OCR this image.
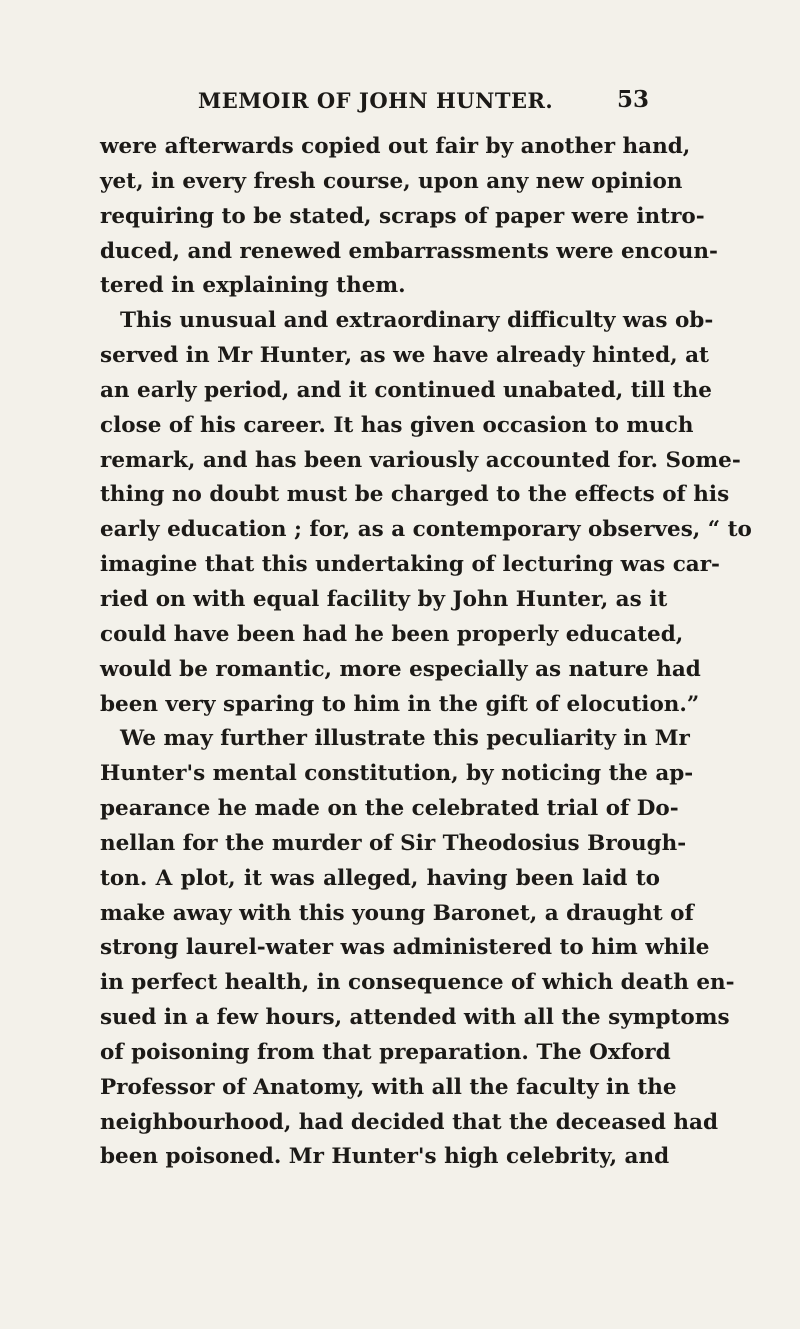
MEMOIR OF JOHN HUNTER.	53
were afterwards copied out fair by another hand,
yet, in every fresh course, upon any new opinion
requiring to be stated, scraps of paper were intro-
duced, and renewed embarrassments were encoun-
tered in explaining them.
This unusual and extraordinary difficulty was ob-
served in Mr Hunter, as we have already hinted, at
an early period, and it continued unabated, till the
close of his career. It has given occasion to much
remark, and has been variously accounted for. Some-
thing no doubt must be charged to the effects of his
early education ; for, as a contemporary observes, “ to
imagine that this undertaking of lecturing was car-
ried on with equal facility by John Hunter, as it
could have been had he been properly educated,
would be romantic, more especially as nature had
been very sparing to him in the gift of elocution.”
We may further illustrate this peculiarity in Mr
Hunter's mental constitution, by noticing the ap-
pearance he made on the celebrated trial of Do-
nellan for the murder of Sir Theodosius Brough-
ton. A plot, it was alleged, having been laid to
make away with this young Baronet, a draught of
strong laurel-water was administered to him while
in perfect health, in consequence of which death en-
sued in a few hours, attended with all the symptoms
of poisoning from that preparation. The Oxford
Professor of Anatomy, with all the faculty in the
neighbourhood, had decided that the deceased had
been poisoned. Mr Hunter's high celebrity, and
